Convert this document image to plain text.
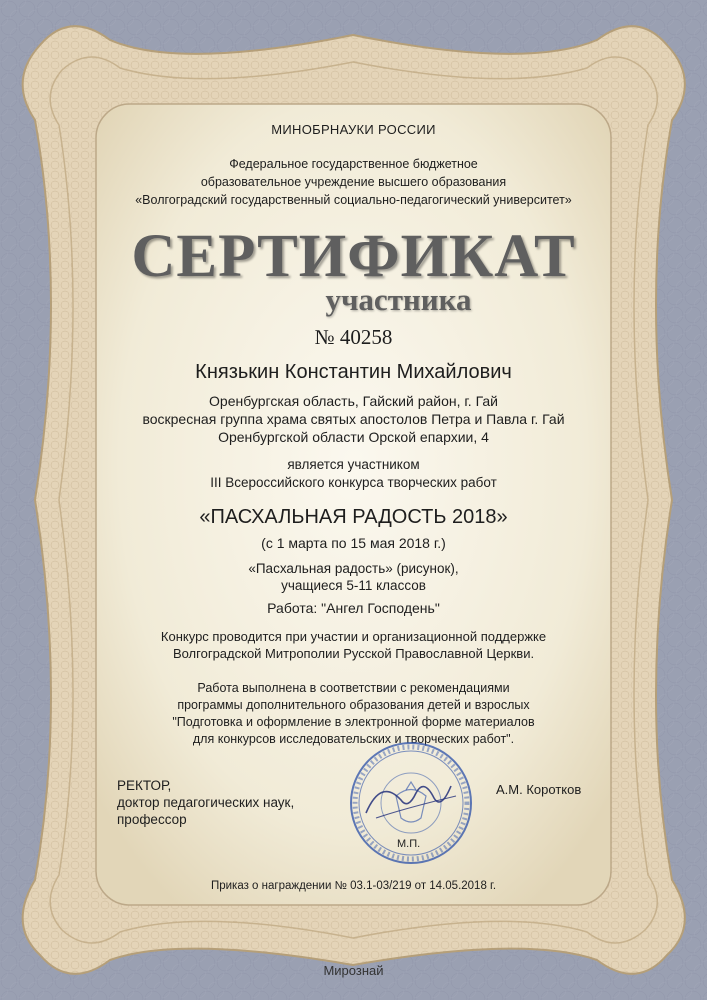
МИНОБРНАУКИ РОССИИ
Федеральное государственное бюджетное
образовательное учреждение высшего образования
«Волгоградский государственный социально-педагогический университет»
СЕРТИФИКАТ
участника
№ 40258
Князькин Константин Михайлович
Оренбургская область, Гайский район, г. Гай
воскресная группа храма святых апостолов Петра и Павла г. Гай
Оренбургской области Орской епархии, 4
является участником
III Всероссийского конкурса творческих работ
«ПАСХАЛЬНАЯ РАДОСТЬ 2018»
(с 1 марта по 15 мая 2018 г.)
«Пасхальная радость» (рисунок),
учащиеся 5-11 классов
Работа: "Ангел Господень"
Конкурс проводится при участии и организационной поддержке
Волгоградской Митрополии Русской Православной Церкви.
Работа выполнена в соответствии с рекомендациями
программы дополнительного образования детей и взрослых
"Подготовка и оформление в электронной форме материалов
для конкурсов исследовательских и творческих работ".
РЕКТОР,
доктор педагогических наук,
профессор
М.П.
А.М. Коротков
Приказ о награждении № 03.1-03/219 от 14.05.2018 г.
Мирознай
